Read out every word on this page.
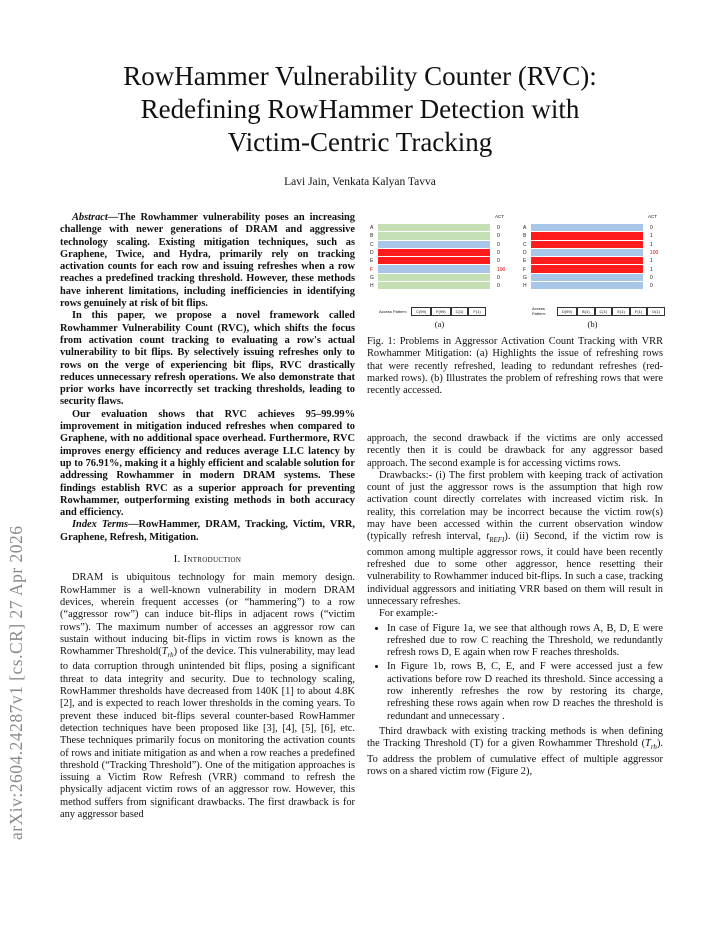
arXiv:2604.24287v1 [cs.CR] 27 Apr 2026
RowHammer Vulnerability Counter (RVC):
Redefining RowHammer Detection with
Victim-Centric Tracking
Lavi Jain, Venkata Kalyan Tavva

Abstract—The Rowhammer vulnerability poses an increasing challenge with newer generations of DRAM and aggressive technology scaling. Existing mitigation techniques, such as Graphene, Twice, and Hydra, primarily rely on tracking activation counts for each row and issuing refreshes when a row reaches a predefined tracking threshold. However, these methods have inherent limitations, including inefficiencies in identifying rows genuinely at risk of bit flips.

In this paper, we propose a novel framework called Rowhammer Vulnerability Count (RVC), which shifts the focus from activation count tracking to evaluating a row's actual vulnerability to bit flips. By selectively issuing refreshes only to rows on the verge of experiencing bit flips, RVC drastically reduces unnecessary refresh operations. We also demonstrate that prior works have incorrectly set tracking thresholds, leading to security flaws.

Our evaluation shows that RVC achieves 95–99.99% improvement in mitigation induced refreshes when compared to Graphene, with no additional space overhead. Furthermore, RVC improves energy efficiency and reduces average LLC latency by up to 76.91%, making it a highly efficient and scalable solution for addressing Rowhammer in modern DRAM systems. These findings establish RVC as a superior approach for preventing Rowhammer, outperforming existing methods in both accuracy and efficiency.

Index Terms—RowHammer, DRAM, Tracking, Victim, VRR, Graphene, Refresh, Mitigation.

I. Introduction

DRAM is ubiquitous technology for main memory design. RowHammer is a well-known vulnerability in modern DRAM devices, wherein frequent accesses (or “hammering”) to a row (“aggressor row”) can induce bit-flips in adjacent rows (“victim rows”). The maximum number of accesses an aggressor row can sustain without inducing bit-flips in victim rows is known as the Rowhammer $Threshold(T_{rh})$ of the device. This vulnerability, may lead to data corruption through unintended bit flips, posing a significant threat to data integrity and security. Due to technology scaling, RowHammer thresholds have decreased from 140K [1] to about 4.8K [2], and is expected to reach lower thresholds in the coming years. To prevent these induced bit-flips several counter-based RowHammer detection techniques have been proposed like [3], [4], [5], [6], etc. These techniques primarily focus on monitoring the activation counts of rows and initiate mitigation as and when a row reaches a predefined threshold (“Tracking Threshold”). One of the mitigation approaches is issuing a Victim Row Refresh (VRR) command to refresh the physically adjacent victim rows of an aggressor row. However, this method suffers from significant drawbacks. The first drawback is for any aggressor based

ACT
A	0
B	0
C	0
D	0
E	0
F	100
G	0
H	0
Access Pattern:	C(99)	F(99)	C(1)	F(1)
(a)
ACT
A	0
B	1
C	1
D	100
E	1
F	1
G	0
H	0
Access Pattern:	D(99)	B(1)	C(1)	E(1)	F(1)	D(1)
(b)
Fig. 1: Problems in Aggressor Activation Count Tracking with VRR Rowhammer Mitigation: (a) Highlights the issue of refreshing rows that were recently refreshed, leading to redundant refreshes (red-marked rows). (b) Illustrates the problem of refreshing rows that were recently accessed.

approach, the second drawback if the victims are only accessed recently then it is could be drawback for any aggressor based approach. The second example is for accessing victims rows.

Drawbacks:- (i) The first problem with keeping track of activation count of just the aggressor rows is the assumption that high row activation count directly correlates with increased victim risk. In reality, this correlation may be incorrect because the victim row(s) may have been accessed within the current observation window (typically refresh interval, $t_{REFI}$). (ii) Second, if the victim row is common among multiple aggressor rows, it could have been recently refreshed due to some other aggressor, hence resetting their vulnerability to Rowhammer induced bit-flips. In such a case, tracking individual aggressors and initiating VRR based on them will result in unnecessary refreshes.

For example:-

• In case of Figure 1a, we see that although rows A, B, D, E were refreshed due to row C reaching the Threshold, we redundantly refresh rows D, E again when row F reaches thresholds.
• In Figure 1b, rows B, C, E, and F were accessed just a few activations before row D reached its threshold. Since accessing a row inherently refreshes the row by restoring its charge, refreshing these rows again when row D reaches the threshold is redundant and unnecessary .

Third drawback with existing tracking methods is when defining the Tracking Threshold (T) for a given Rowhammer Threshold $(T_{rh})$. To address the problem of cumulative effect of multiple aggressor rows on a shared victim row (Figure 2),
